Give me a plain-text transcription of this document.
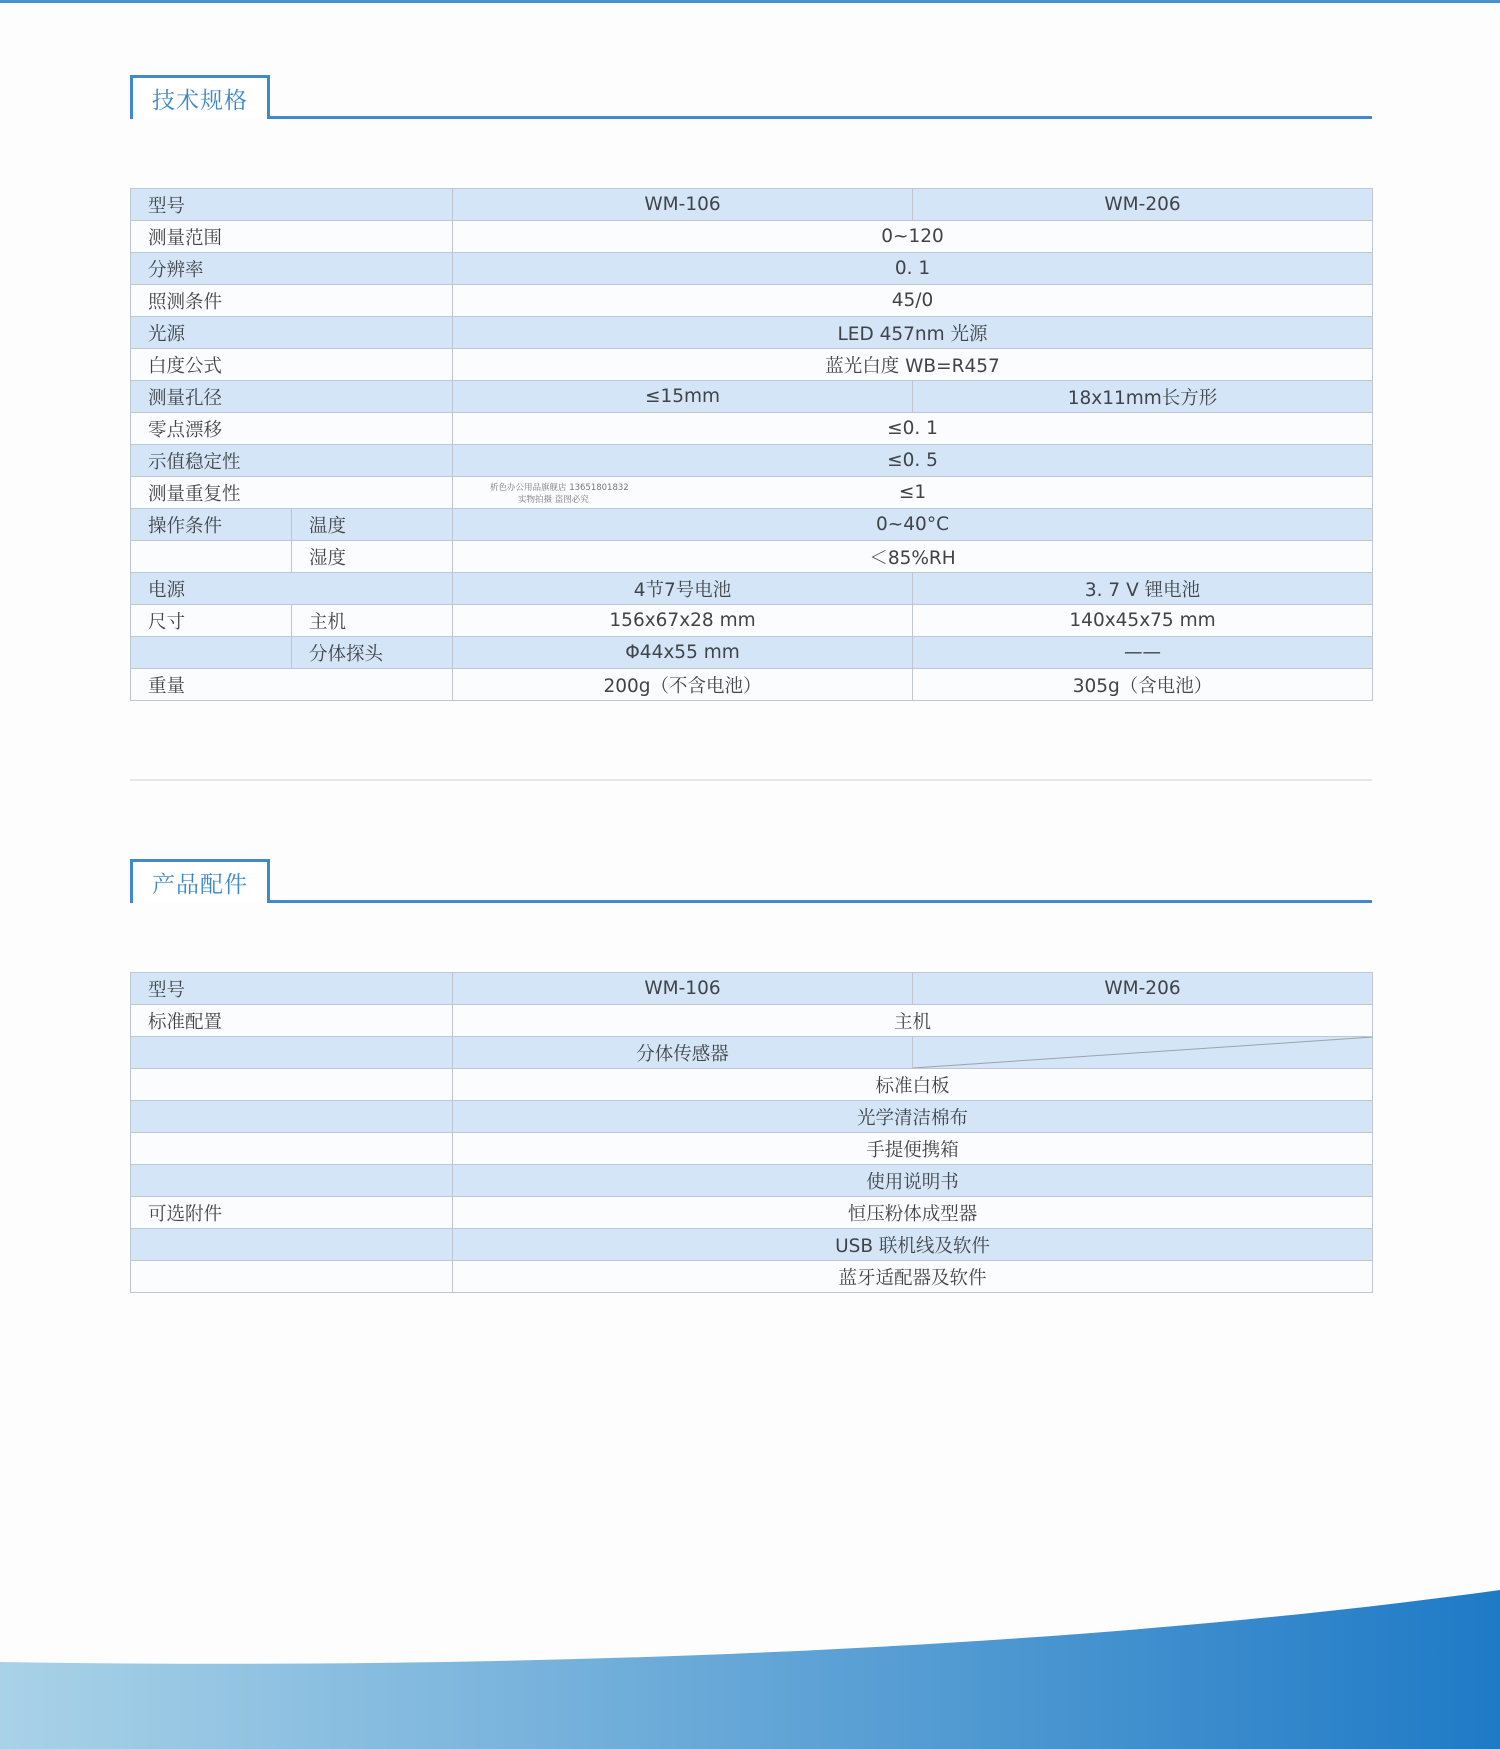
技术规格
型号		WM-106	WM-206
测量范围		0~120	
分辨率		0. 1	
照测条件		45/0	
光源		LED 457nm 光源	
白度公式		蓝光白度 WB=R457	
测量孔径		≤15mm	18x11mm长方形
零点漂移		≤0. 1	
示值稳定性		≤0. 5	
测量重复性		≤1	
操作条件	温度	0~40°C	
	湿度	＜85%RH	
电源		4节7号电池	3. 7 V 锂电池
尺寸	主机	156x67x28 mm	140x45x75 mm
	分体探头	Φ44x55 mm	——
重量		200g（不含电池）	305g（含电池）
析色办公用品旗舰店 13651801832
实物拍摄 盗图必究
产品配件
型号	WM-106	WM-206
标准配置	主机	
	分体传感器	

	标准白板	
	光学清洁棉布	
	手提便携箱	
	使用说明书	
可选附件	恒压粉体成型器	
	USB 联机线及软件	
	蓝牙适配器及软件	
